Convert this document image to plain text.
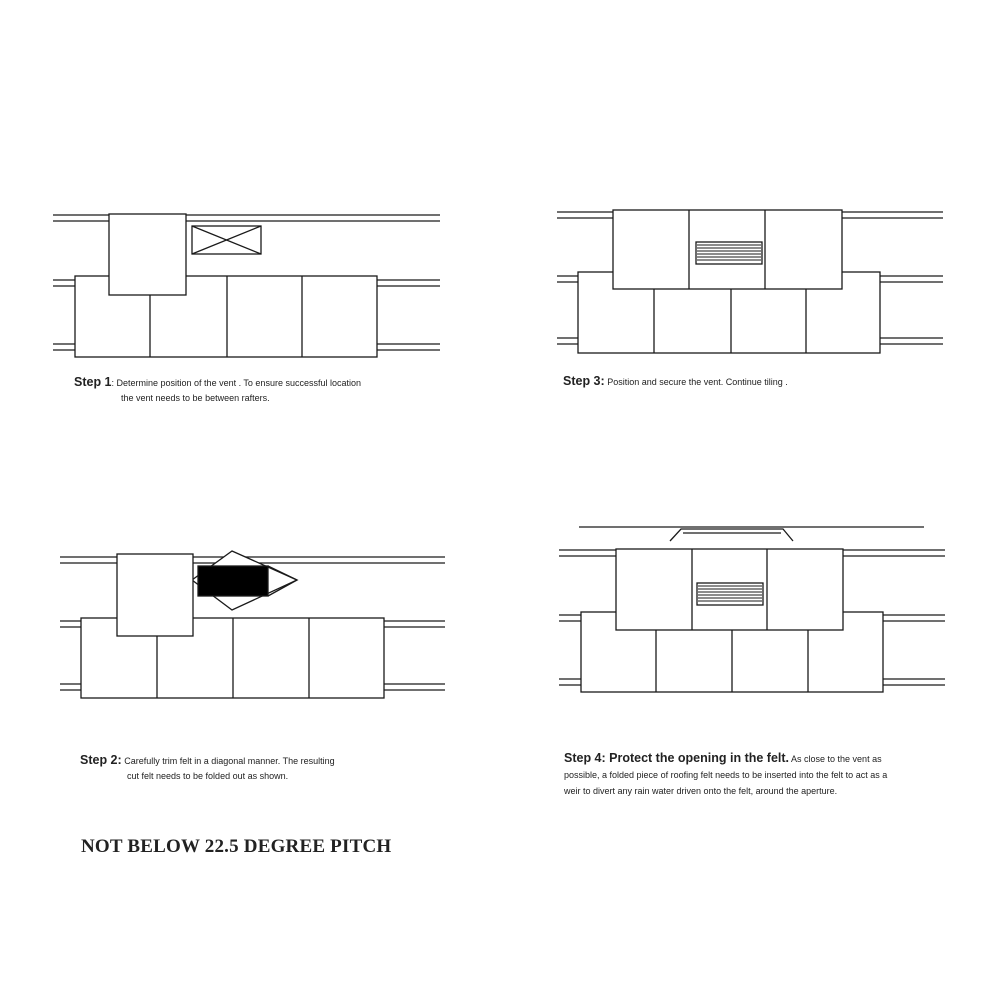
Step 1: Determine position of the vent . To ensure successful location
the vent needs to be between rafters.
Step 3: Position and secure the vent. Continue tiling .
Step 2: Carefully trim felt in a diagonal manner. The resulting
cut felt needs to be folded out as shown.
Step 4: Protect the opening in the felt. As close to the vent as
possible, a folded piece of roofing felt needs to be inserted into the felt to act as a
weir to divert any rain water driven onto the felt, around the aperture.
NOT BELOW 22.5 DEGREE PITCH
